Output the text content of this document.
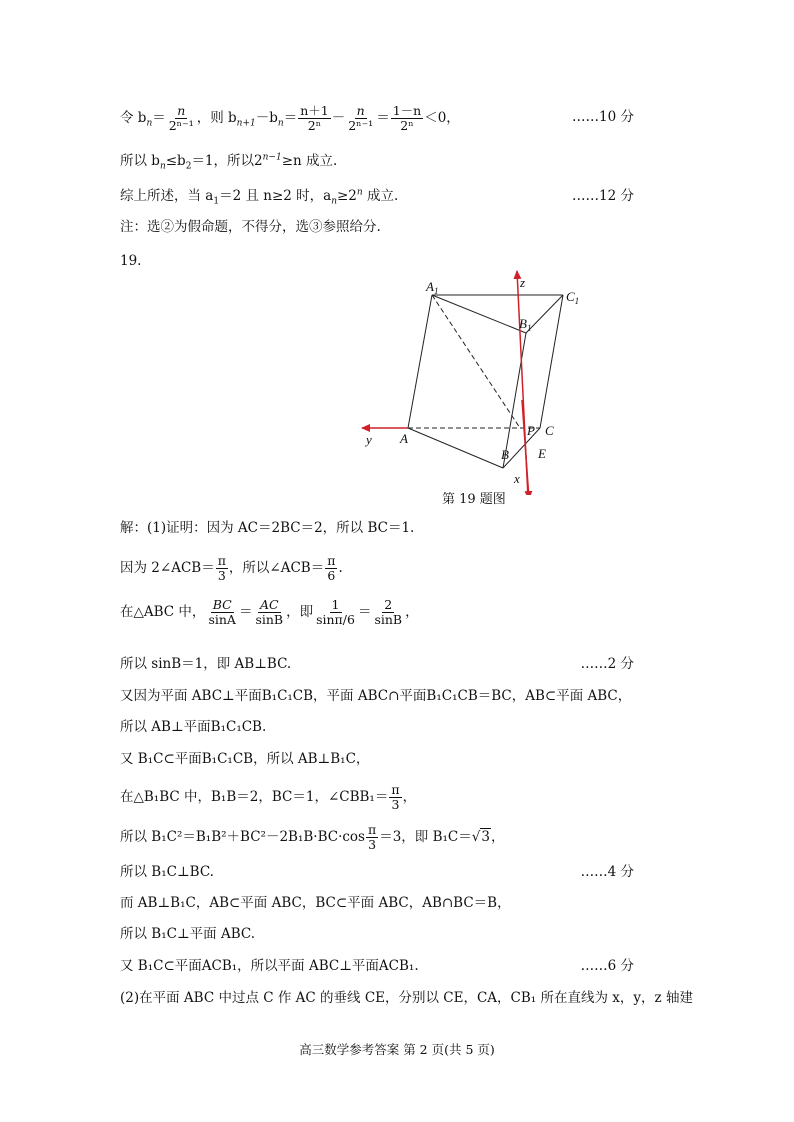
令 $b_n= \frac{n}{\text{2ⁿ⁻¹}}$ ，则 $b_{n+1}-b_n= \frac{n+1}{\text{2ⁿ}} - \frac{n}{\text{2ⁿ⁻¹}} = \frac{1-n}{\text{2ⁿ}} <0$，	……10 分
所以 $b_n\le b_2=1$，所以$2^{n-1}\ge n$ 成立.
综上所述，当 $a_1=2$ 且 n≥2 时，$a_n\ge 2^n$ 成立.	……12 分
注：选②为假命题，不得分，选③参照给分.
19.
$A_1$	$C_1$
$B_1$
A
B
C
P
E
x
y
z
第 19 题图
解：(1)证明：因为 AC＝2BC＝2，所以 BC＝1.
因为 2∠ACB＝ $\frac{\pi}{3}$ ，所以∠ACB＝ $\frac{\pi}{6}$ .
在△ABC 中， $\frac{BC}{\sin A} = \frac{AC}{\sin B}$ ，即 $\frac{1}{\sin\pi/6} = \frac{2}{\sin B}$ ，
所以 sinB＝1，即 AB⊥BC.	……2 分
又因为平面 ABC⊥平面B₁C₁CB，平面 ABC∩平面B₁C₁CB＝BC，AB⊂平面 ABC，
所以 AB⊥平面B₁C₁CB.
又 B₁C⊂平面B₁C₁CB，所以 AB⊥B₁C，
在△B₁BC 中，B₁B＝2，BC＝1，∠CBB₁＝ $\frac{\pi}{3}$ ，
所以 $B_1C^2=B_1B^2+BC^2-2B_1B\cdot BC\cdot\cos \frac{\pi}{3} =3$，即 B₁C＝√3，
所以 B₁C⊥BC.	……4 分
而 AB⊥B₁C，AB⊂平面 ABC，BC⊂平面 ABC，AB∩BC＝B，
所以 B₁C⊥平面 ABC.
又 B₁C⊂平面ACB₁，所以平面 ABC⊥平面ACB₁.	……6 分
(2)在平面 ABC 中过点 C 作 AC 的垂线 CE，分别以 CE，CA，CB₁ 所在直线为 x，y，z 轴建
高三数学参考答案 第 2 页(共 5 页)
